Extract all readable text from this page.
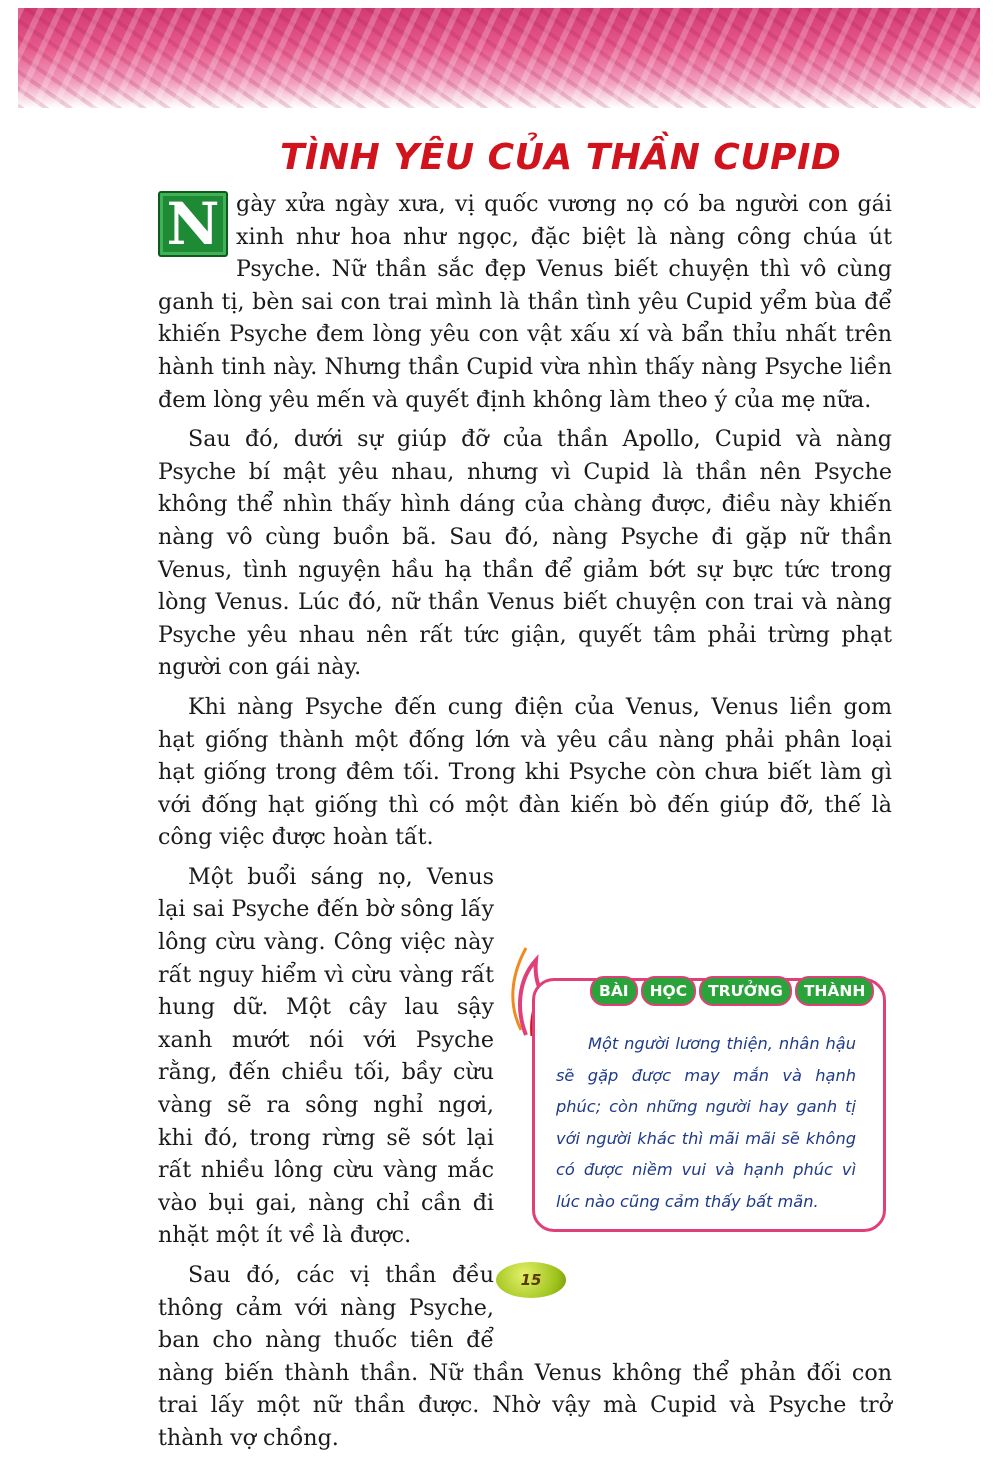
TÌNH YÊU CỦA THẦN CUPID

N gày xửa ngày xưa, vị quốc vương nọ có ba người con gái xinh như hoa như ngọc, đặc biệt là nàng công chúa út Psyche. Nữ thần sắc đẹp Venus biết chuyện thì vô cùng ganh tị, bèn sai con trai mình là thần tình yêu Cupid yểm bùa để khiến Psyche đem lòng yêu con vật xấu xí và bẩn thỉu nhất trên hành tinh này. Nhưng thần Cupid vừa nhìn thấy nàng Psyche liền đem lòng yêu mến và quyết định không làm theo ý của mẹ nữa.

Sau đó, dưới sự giúp đỡ của thần Apollo, Cupid và nàng Psyche bí mật yêu nhau, nhưng vì Cupid là thần nên Psyche không thể nhìn thấy hình dáng của chàng được, điều này khiến nàng vô cùng buồn bã. Sau đó, nàng Psyche đi gặp nữ thần Venus, tình nguyện hầu hạ thần để giảm bớt sự bực tức trong lòng Venus. Lúc đó, nữ thần Venus biết chuyện con trai và nàng Psyche yêu nhau nên rất tức giận, quyết tâm phải trừng phạt người con gái này.

Khi nàng Psyche đến cung điện của Venus, Venus liền gom hạt giống thành một đống lớn và yêu cầu nàng phải phân loại hạt giống trong đêm tối. Trong khi Psyche còn chưa biết làm gì với đống hạt giống thì có một đàn kiến bò đến giúp đỡ, thế là công việc được hoàn tất.

Một buổi sáng nọ, Venus lại sai Psyche đến bờ sông lấy lông cừu vàng. Công việc này rất nguy hiểm vì cừu vàng rất hung dữ. Một cây lau sậy xanh mướt nói với Psyche rằng, đến chiều tối, bầy cừu vàng sẽ ra sông nghỉ ngơi, khi đó, trong rừng sẽ sót lại rất nhiều lông cừu vàng mắc vào bụi gai, nàng chỉ cần đi nhặt một ít về là được.

Sau đó, các vị thần đều thông cảm với nàng Psyche, ban cho nàng thuốc tiên để nàng biến thành thần. Nữ thần Venus không thể phản đối con trai lấy một nữ thần được. Nhờ vậy mà Cupid và Psyche trở thành vợ chồng.

BÀI	HỌC	TRƯỞNG	THÀNH
Một người lương thiện, nhân hậu sẽ gặp được may mắn và hạnh phúc; còn những người hay ganh tị với người khác thì mãi mãi sẽ không có được niềm vui và hạnh phúc vì lúc nào cũng cảm thấy bất mãn.
15
